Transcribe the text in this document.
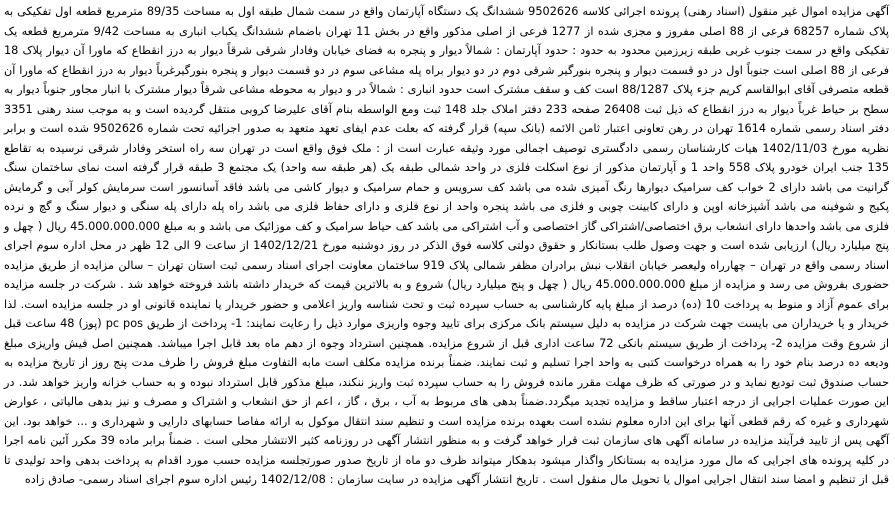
آگهی مزایده اموال غیر منقول (اسناد رهنی) پرونده اجرائی کلاسه 9502626 ششدانگ یک دستگاه آپارتمان واقع در سمت شمال طبقه اول به مساحت 89/35 مترمربع قطعه اول تفکیکی به پلاک شماره 68257 فرعی از 88 اصلی مفروز و مجزی شده از 1277 فرعی از اصلی مذکور واقع در بخش 11 تهران باضمام ششدانگ یکباب انباری به مساحت 9/42 مترمربع قطعه یک تفکیکی واقع در سمت جنوب غربی طبقه زیرزمین محدود به حدود : حدود آپارتمان : شمالاً دیوار و پنجره به فضای خیابان وفادار شرقی شرقاً دیوار به درز انقطاع که ماورا آن دیوار پلاک 18 فرعی از 88 اصلی است جنوباً اول در دو قسمت دیوار و پنجره بنورگیر شرقی دوم در دو دیوار براه پله مشاعی سوم در دو قسمت دیوار و پنجره بنورگیرغرباً دیوار به درز انقطاع که ماورا آن قطعه متصرفی آقای ابوالقاسم کریم جزء پلاک 88/1287 است کف و سقف مشترک است حدود انباری : شمالاً در و دیوار به محوطه مشاعی شرقاً دیوار مشترک با انبار مجاور جنوباً دیوار به سطح بر حیاط غرباً دیوار به درز انقطاع که ذیل ثبت 26408 صفحه 233 دفتر املاک جلد 148 ثبت ومع الواسطه بنام آقای علیرضا کروبی منتقل گردیده است و به موجب سند رهنی 3351 دفتر اسناد رسمی شماره 1614 تهران در رهن تعاونی اعتبار ثامن الائمه (بانک سپه) قرار گرفته که بعلت عدم ایفای تعهد متعهد به صدور اجرائیه تحت شماره 9502626 شده است و برابر نظریه مورخ 1402/11/03 هیات کارشناسان رسمی دادگستری توصیف اجمالی مورد وثیقه عبارت است از : ملک فوق واقع است در تهران سه راه استخر وفادار شرقی نرسیده به تقاطع 135 جنب ایران خودرو پلاک 558 واحد 1 و آپارتمان مذکور از نوع اسکلت فلزی در واحد شمالی طبقه یک (هر طبقه سه واحد) یک مجتمع 3 طبقه قرار گرفته است نمای ساختمان سنگ گرانیت می باشد دارای 2 خواب کف سرامیک دیوارها رنگ آمیزی شده می باشد کف سرویس و حمام سرامیک و دیوار کاشی می باشد فاقد آسانسور است سرمایش کولر آبی و گرمایش پکیج و شوفینه می باشد آشپزخانه اوپن و دارای کابینت چوبی و فلزی می باشد پنجره واحد از نوع فلزی و دارای حفاظ فلزی می باشد راه پله دارای پله سنگی و دیوار سنگ و گچ و نرده فلزی می باشد واحدها دارای انشعاب برق اختصاصی/اشتراکی گاز اختصاصی و آب اشتراکی می باشد کف حیاط سرامیک و کف موزائیک می باشد و به مبلغ 45.000.000.000 ریال ( چهل و پنج میلیارد ریال) ارزیابی شده است و جهت وصول طلب بستانکار و حقوق دولتی کلاسه فوق الذکر در روز دوشنبه مورخ 1402/12/21 از ساعت 9 الی 12 ظهر در محل اداره سوم اجرای اسناد رسمی واقع در تهران – چهارراه ولیعصر خیابان انقلاب نبش برادران مظفر شمالی پلاک 919 ساختمان معاونت اجرای اسناد رسمی ثبت استان تهران – سالن مزایده از طریق مزایده حضوری بفروش می رسد و مزایده از مبلغ 45.000.000.000 ریال ( چهل و پنج میلیارد ریال) شروع و به بالاترین قیمت که خریدار داشته باشد فروخته خواهد شد . شرکت در جلسه مزایده برای عموم آزاد و منوط به پرداخت 10 (ده) درصد از مبلغ پایه کارشناسی به حساب سپرده ثبت و تحت شناسه واریز اعلامی و حضور خریدار یا نماینده قانونی او در جلسه مزایده است. لذا خریدار و یا خریداران می بایست جهت شرکت در مزایده به دلیل سیستم بانک مرکزی برای تایید وجوه واریزی موارد ذیل را رعایت نمایند: 1- پرداخت از طریق pc pos (پوز) 48 ساعت قبل از شروع وقت مزایده 2- پرداخت از طریق سیستم بانکی 72 ساعت اداری قبل از شروع مزایده. همچنین استرداد وجوه از دهم ماه بعد قابل اجرا میباشد. همچنین اصل فیش واریزی مبلغ ودیعه ده درصد بنام خود را به همراه درخواست کتبی به واحد اجرا تسلیم و ثبت نمایند. ضمناً برنده مزایده مکلف است مابه التفاوت مبلغ فروش را ظرف مدت پنج روز از تاریخ مزایده به حساب صندوق ثبت تودیع نماید و در صورتی که ظرف مهلت مقرر مانده فروش را به حساب سپرده ثبت واریز ننکند، مبلغ مذکور قابل استرداد نبوده و به حساب خزانه واریز خواهد شد. در این صورت عملیات اجرایی از درجه اعتبار ساقط و مزایده تجدید میگردد.ضمناً بدهی های مربوط به آب ، برق ، گاز ، اعم از حق انشعاب و اشتراک و مصرف و نیز بدهی مالیاتی ، عوارض شهرداری و غیره که رقم قطعی آنها برای این اداره معلوم نشده است بعهده برنده مزایده است و تنظیم سند انتقال موکول به ارائه مفاصا حسابهای دارایی و شهرداری و ... خواهد بود. این آگهی پس از تایید فرآیند مزایده در سامانه آگهی های سازمان ثبت قرار خواهد گرفت و به منظور انتشار آگهی در روزنامه کثیر الانتشار محلی است . ضمناً برابر ماده 39 مکرر آئین نامه اجرا در کلیه پرونده های اجرایی که مال مورد مزایده به بستانکار واگذار میشود بدهکار میتواند ظرف دو ماه از تاریخ صدور صورتجلسه مزایده حسب مورد اقدام به پرداخت بدهی واحد تولیدی تا قبل از تنظیم و امضا سند انتقال اجرایی اموال یا تحویل مال منقول است . تاریخ انتشار آگهی مزایده در سایت سازمان : 1402/12/08 رئیس اداره سوم اجرای اسناد رسمی- صادق زاده
